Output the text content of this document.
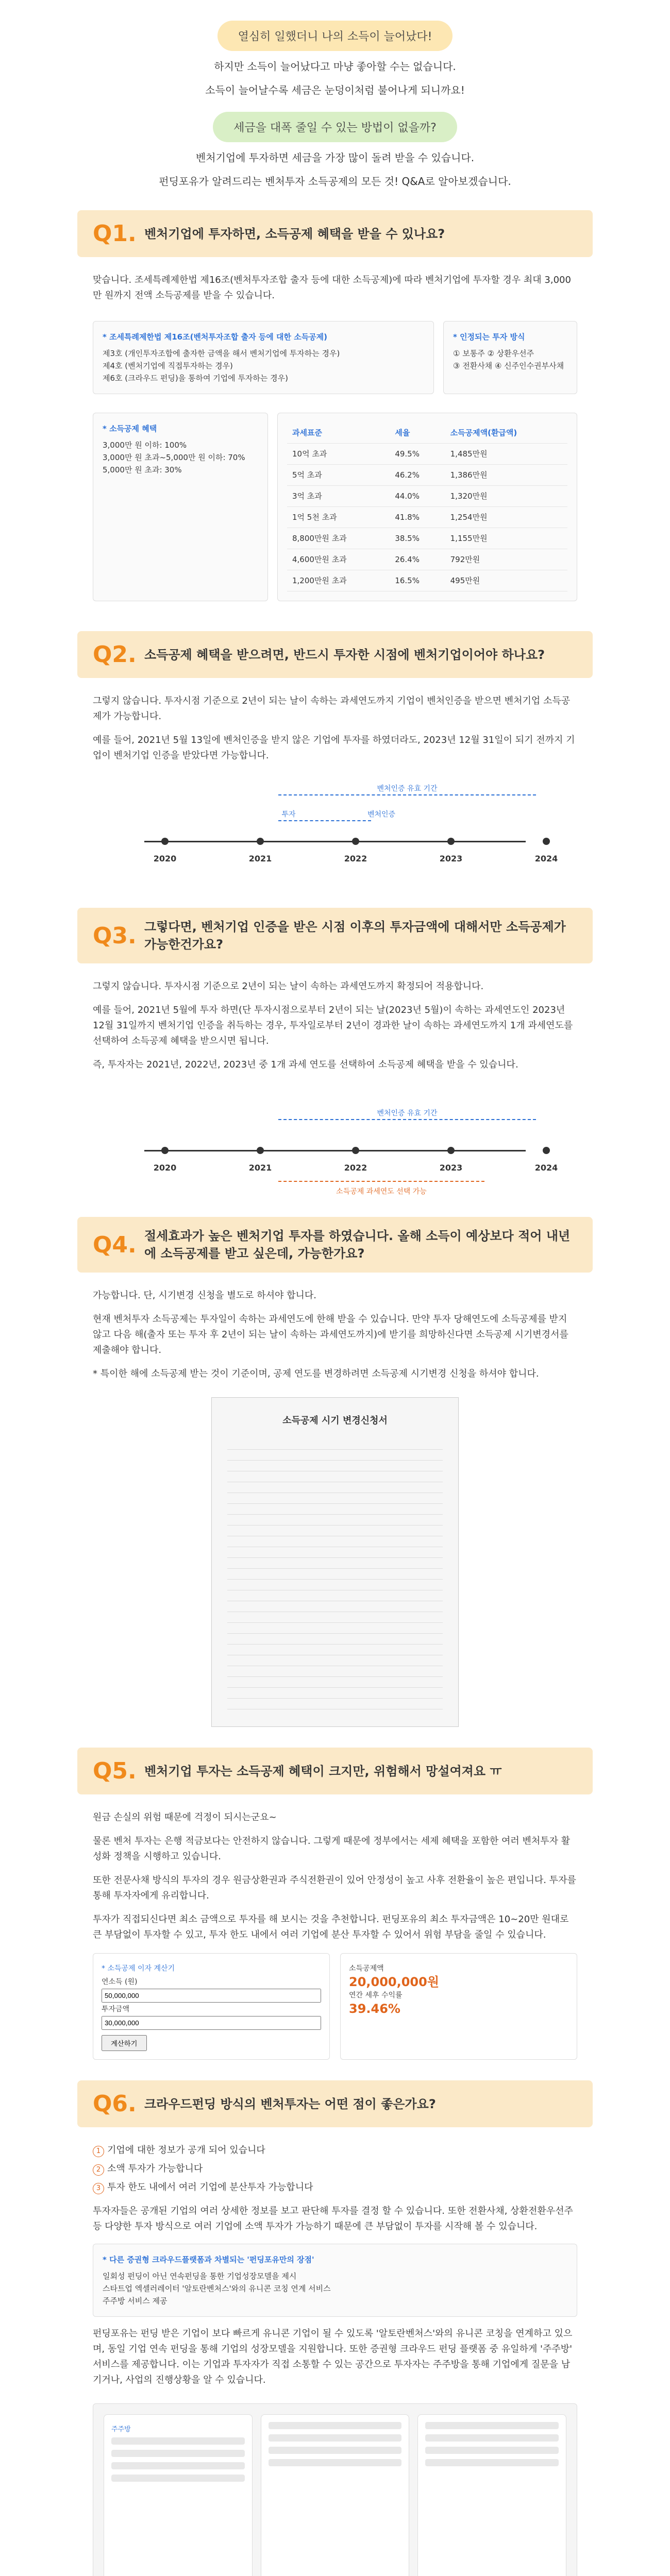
열심히 일했더니 나의 소득이 늘어났다!

하지만 소득이 늘어났다고 마냥 좋아할 수는 없습니다.

소득이 늘어날수록 세금은 눈덩이처럼 불어나게 되니까요!

세금을 대폭 줄일 수 있는 방법이 없을까?

벤처기업에 투자하면 세금을 가장 많이 돌려 받을 수 있습니다.

펀딩포유가 알려드리는 벤처투자 소득공제의 모든 것! Q&A로 알아보겠습니다.

Q1. 벤처기업에 투자하면, 소득공제 혜택을 받을 수 있나요?

맞습니다. 조세특례제한법 제16조(벤처투자조합 출자 등에 대한 소득공제)에 따라 벤처기업에 투자할 경우 최대 3,000만 원까지 전액 소득공제를 받을 수 있습니다.

* 조세특례제한법 제16조(벤처투자조합 출자 등에 대한 소득공제)
제3호 (개인투자조합에 출자한 금액을 해서 벤처기업에 투자하는 경우)
제4호 (벤처기업에 직접투자하는 경우)
제6호 (크라우드 펀딩)을 통하여 기업에 투자하는 경우)
* 인정되는 투자 방식
① 보통주 ② 상환우선주
③ 전환사채 ④ 신주인수권부사채
* 소득공제 혜택
3,000만 원 이하: 100%
3,000만 원 초과~5,000만 원 이하: 70%
5,000만 원 초과: 30%
과세표준	세율	소득공제액(환급액)
10억 초과	49.5%	1,485만원
5억 초과	46.2%	1,386만원
3억 초과	44.0%	1,320만원
1억 5천 초과	41.8%	1,254만원
8,800만원 초과	38.5%	1,155만원
4,600만원 초과	26.4%	792만원
1,200만원 초과	16.5%	495만원
Q2. 소득공제 혜택을 받으려면, 반드시 투자한 시점에 벤처기업이어야 하나요?

그렇지 않습니다. 투자시점 기준으로 2년이 되는 날이 속하는 과세연도까지 기업이 벤처인증을 받으면 벤처기업 소득공제가 가능합니다.

예를 들어, 2021년 5월 13일에 벤처인증을 받지 않은 기업에 투자를 하였더라도, 2023년 12월 31일이 되기 전까지 기업이 벤처기업 인증을 받았다면 가능합니다.

벤처인증 유효 기간
투자	벤처인증
2020	2021	2022	2023	2024
Q3. 그렇다면, 벤처기업 인증을 받은 시점 이후의 투자금액에 대해서만 소득공제가 가능한건가요?

그렇지 않습니다. 투자시점 기준으로 2년이 되는 날이 속하는 과세연도까지 확정되어 적용합니다.

예를 들어, 2021년 5월에 투자 하면(단 투자시점으로부터 2년이 되는 날(2023년 5월)이 속하는 과세연도인 2023년 12월 31일까지 벤처기업 인증을 취득하는 경우, 투자일로부터 2년이 경과한 날이 속하는 과세연도까지 1개 과세연도를 선택하여 소득공제 혜택을 받으시면 됩니다.

즉, 투자자는 2021년, 2022년, 2023년 중 1개 과세 연도를 선택하여 소득공제 혜택을 받을 수 있습니다.

벤처인증 유효 기간
소득공제 과세연도 선택 가능
2020	2021	2022	2023	2024
Q4. 절세효과가 높은 벤처기업 투자를 하였습니다. 올해 소득이 예상보다 적어 내년에 소득공제를 받고 싶은데, 가능한가요?

가능합니다. 단, 시기변경 신청을 별도로 하셔야 합니다.

현재 벤처투자 소득공제는 투자일이 속하는 과세연도에 한해 받을 수 있습니다. 만약 투자 당해연도에 소득공제를 받지 않고 다음 해(출자 또는 투자 후 2년이 되는 날이 속하는 과세연도까지)에 받기를 희망하신다면 소득공제 시기변경서를 제출해야 합니다.

* 특이한 해에 소득공제 받는 것이 기준이며, 공제 연도를 변경하려면 소득공제 시기변경 신청을 하셔야 합니다.

소득공제 시기 변경신청서
Q5. 벤처기업 투자는 소득공제 혜택이 크지만, 위험해서 망설여져요 ㅠ

원금 손실의 위험 때문에 걱정이 되시는군요~

물론 벤처 투자는 은행 적금보다는 안전하지 않습니다. 그렇게 때문에 정부에서는 세제 혜택을 포함한 여러 벤처투자 활성화 정책을 시행하고 있습니다.

또한 전문사채 방식의 투자의 경우 원금상환권과 주식전환권이 있어 안정성이 높고 사후 전환율이 높은 편입니다. 투자를 통해 투자자에게 유리합니다.

투자가 직접되신다면 최소 금액으로 투자를 해 보시는 것을 추천합니다. 펀딩포유의 최소 투자금액은 10~20만 원대로 큰 부담없이 투자할 수 있고, 투자 한도 내에서 여러 기업에 분산 투자할 수 있어서 위험 부담을 줄일 수 있습니다.

* 소득공제 이자 계산기
연소득 (원)
50,000,000
투자금액
30,000,000 계산하기
소득공제액
20,000,000원
연간 세후 수익률
39.46%
Q6. 크라우드펀딩 방식의 벤처투자는 어떤 점이 좋은가요?

1 기업에 대한 정보가 공개 되어 있습니다

2 소액 투자가 가능합니다

3 투자 한도 내에서 여러 기업에 분산투자 가능합니다

투자자들은 공개된 기업의 여러 상세한 정보를 보고 판단해 투자를 결정 할 수 있습니다. 또한 전환사채, 상환전환우선주 등 다양한 투자 방식으로 여러 기업에 소액 투자가 가능하기 때문에 큰 부담없이 투자를 시작해 볼 수 있습니다.

* 다른 증권형 크라우드플랫폼과 차별되는 '펀딩포유만의 장점'
일회성 펀딩이 아닌 연속펀딩을 통한 기업성장모델을 제시
스타트업 엑셀러레이터 '알토란벤처스'와의 유니콘 코칭 연계 서비스
주주방 서비스 제공

펀딩포유는 펀딩 받은 기업이 보다 빠르게 유니콘 기업이 될 수 있도록 '알토란벤처스'와의 유니콘 코칭을 연계하고 있으며, 동일 기업 연속 펀딩을 통해 기업의 성장모델을 지원합니다. 또한 증권형 크라우드 펀딩 플랫폼 중 유일하게 '주주방' 서비스를 제공합니다. 이는 기업과 투자자가 직접 소통할 수 있는 공간으로 투자자는 주주방을 통해 기업에게 질문을 남기거나, 사업의 진행상황을 알 수 있습니다.

주주방
